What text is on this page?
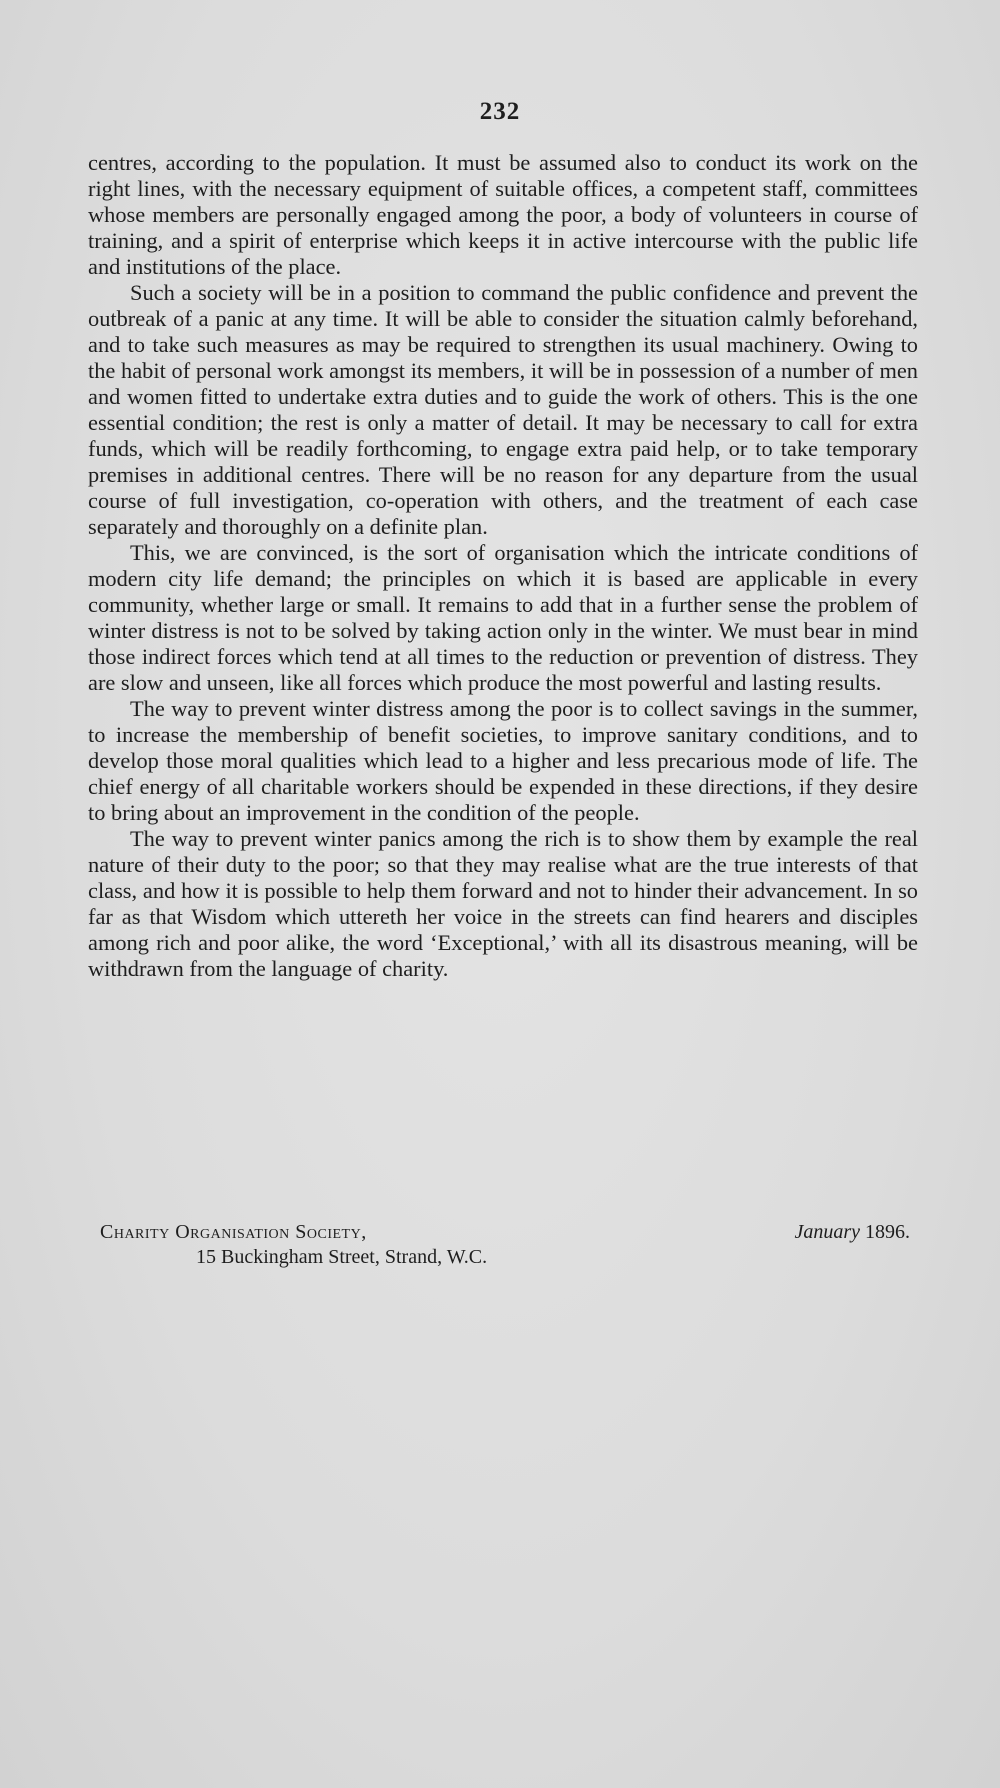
232

centres, according to the population. It must be assumed also to conduct its work on the right lines, with the necessary equipment of suitable offices, a competent staff, committees whose members are personally engaged among the poor, a body of volunteers in course of training, and a spirit of enterprise which keeps it in active intercourse with the public life and institutions of the place.

Such a society will be in a position to command the public confidence and prevent the outbreak of a panic at any time. It will be able to consider the situation calmly beforehand, and to take such measures as may be required to strengthen its usual machinery. Owing to the habit of personal work amongst its members, it will be in possession of a number of men and women fitted to undertake extra duties and to guide the work of others. This is the one essential condition; the rest is only a matter of detail. It may be necessary to call for extra funds, which will be readily forthcoming, to engage extra paid help, or to take temporary premises in additional centres. There will be no reason for any departure from the usual course of full investigation, co-operation with others, and the treatment of each case separately and thoroughly on a definite plan.

This, we are convinced, is the sort of organisation which the intricate conditions of modern city life demand; the principles on which it is based are applicable in every community, whether large or small. It remains to add that in a further sense the problem of winter distress is not to be solved by taking action only in the winter. We must bear in mind those indirect forces which tend at all times to the reduction or prevention of distress. They are slow and unseen, like all forces which produce the most powerful and lasting results.

The way to prevent winter distress among the poor is to collect savings in the summer, to increase the membership of benefit societies, to improve sanitary conditions, and to develop those moral qualities which lead to a higher and less precarious mode of life. The chief energy of all charitable workers should be expended in these directions, if they desire to bring about an improvement in the condition of the people.

The way to prevent winter panics among the rich is to show them by example the real nature of their duty to the poor; so that they may realise what are the true interests of that class, and how it is possible to help them forward and not to hinder their advancement. In so far as that Wisdom which uttereth her voice in the streets can find hearers and disciples among rich and poor alike, the word ‘Exceptional,’ with all its disastrous meaning, will be withdrawn from the language of charity.

Charity Organisation Society,
15 Buckingham Street, Strand, W.C.
January 1896.
